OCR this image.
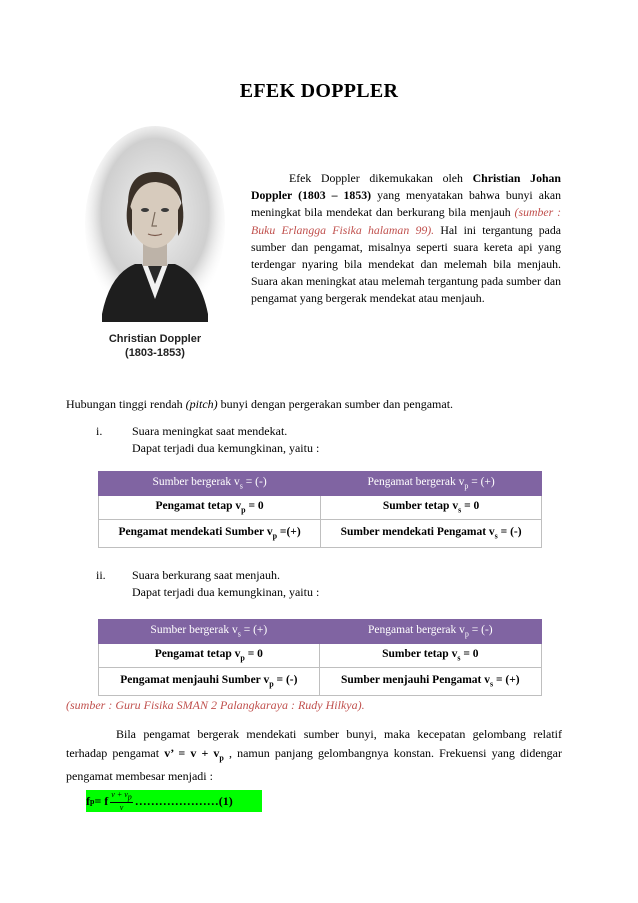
EFEK DOPPLER
Christian Doppler
(1803-1853)
Efek Doppler dikemukakan oleh Christian Johan Doppler (1803 – 1853) yang menyatakan bahwa bunyi akan meningkat bila mendekat dan berkurang bila menjauh (sumber : Buku Erlangga Fisika halaman 99). Hal ini tergantung pada sumber dan pengamat, misalnya seperti suara kereta api yang terdengar nyaring bila mendekat dan melemah bila menjauh. Suara akan meningkat atau melemah tergantung pada sumber dan pengamat yang bergerak mendekat atau menjauh.
Hubungan tinggi rendah (pitch) bunyi dengan pergerakan sumber dan pengamat.
i. Suara meningkat saat mendekat.
Dapat terjadi dua kemungkinan, yaitu :
Sumber bergerak $v_s$ = (-)	Pengamat bergerak $v_p$ = (+)
Pengamat tetap $v_p = 0$	Sumber tetap $v_s = 0$
Pengamat mendekati Sumber $v_p$ =(+)	Sumber mendekati Pengamat $v_s$ = (-)
ii. Suara berkurang saat menjauh.
Dapat terjadi dua kemungkinan, yaitu :
Sumber bergerak $v_s$ = (+)	Pengamat bergerak $v_p$ = (-)
Pengamat tetap $v_p = 0$	Sumber tetap $v_s = 0$
Pengamat menjauhi Sumber $v_p$ = (-)	Sumber menjauhi Pengamat $v_s$ = (+)
(sumber : Guru Fisika SMAN 2 Palangkaraya : Rudy Hilkya).
Bila pengamat bergerak mendekati sumber bunyi, maka kecepatan gelombang relatif terhadap pengamat v’ = $v + v_p$ , namun panjang gelombangnya konstan. Frekuensi yang didengar pengamat membesar menjadi :
f p = f $\frac{v + v_p}{v}$ …………………(1)
